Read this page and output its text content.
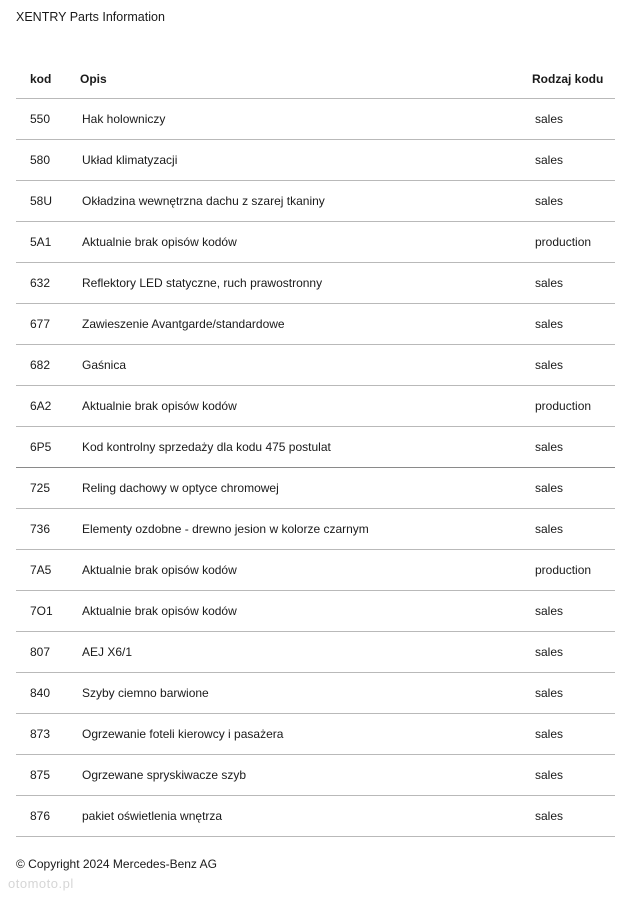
XENTRY Parts Information
kod	Opis	Rodzaj kodu
550	Hak holowniczy	sales
580	Układ klimatyzacji	sales
58U	Okładzina wewnętrzna dachu z szarej tkaniny	sales
5A1	Aktualnie brak opisów kodów	production
632	Reflektory LED statyczne, ruch prawostronny	sales
677	Zawieszenie Avantgarde/standardowe	sales
682	Gaśnica	sales
6A2	Aktualnie brak opisów kodów	production
6P5	Kod kontrolny sprzedaży dla kodu 475 postulat	sales
725	Reling dachowy w optyce chromowej	sales
736	Elementy ozdobne - drewno jesion w kolorze czarnym	sales
7A5	Aktualnie brak opisów kodów	production
7O1	Aktualnie brak opisów kodów	sales
807	AEJ X6/1	sales
840	Szyby ciemno barwione	sales
873	Ogrzewanie foteli kierowcy i pasażera	sales
875	Ogrzewane spryskiwacze szyb	sales
876	pakiet oświetlenia wnętrza	sales
© Copyright 2024 Mercedes-Benz AG
otomoto.pl
